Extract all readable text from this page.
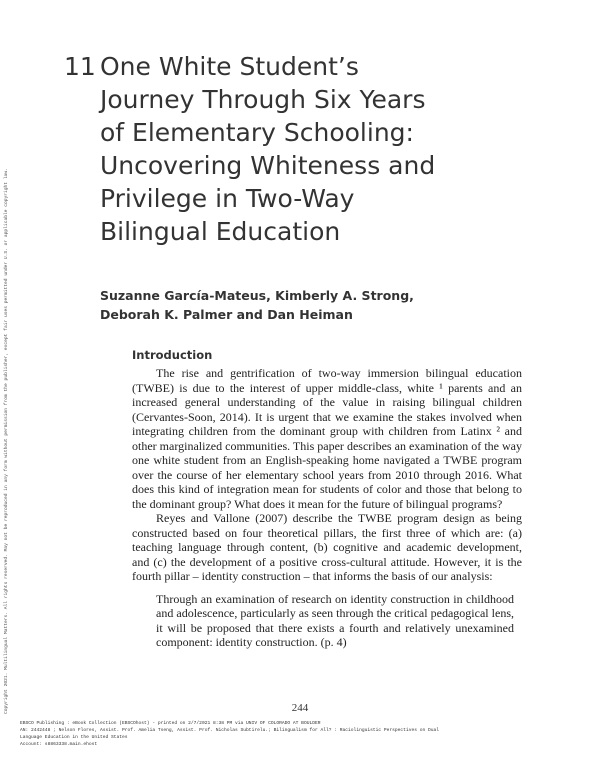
11 One White Student’s
Journey Through Six Years
of Elementary Schooling:
Uncovering Whiteness and
Privilege in Two-Way
Bilingual Education
Suzanne García-Mateus, Kimberly A. Strong,
Deborah K. Palmer and Dan Heiman
Introduction

The rise and gentrification of two-way immersion bilingual education (TWBE) is due to the interest of upper middle-class, white ¹ parents and an increased general understanding of the value in raising bilingual children (Cervantes-Soon, 2014). It is urgent that we examine the stakes involved when integrating children from the dominant group with children from Latinx ² and other marginalized communities. This paper describes an examination of the way one white student from an English-speaking home navigated a TWBE program over the course of her elementary school years from 2010 through 2016. What does this kind of integration mean for students of color and those that belong to the dominant group? What does it mean for the future of bilingual programs?

Reyes and Vallone (2007) describe the TWBE program design as being constructed based on four theoretical pillars, the first three of which are: (a) teaching language through content, (b) cognitive and academic development, and (c) the development of a positive cross-cultural attitude. However, it is the fourth pillar – identity construction – that informs the basis of our analysis:

Through an examination of research on identity construction in childhood and adolescence, particularly as seen through the critical pedagogical lens, it will be proposed that there exists a fourth and relatively unexamined component: identity construction. (p. 4)

244
EBSCO Publishing : eBook Collection (EBSCOhost) - printed on 2/7/2021 8:38 PM via UNIV OF COLORADO AT BOULDER
AN: 2442448 ; Nelson Flores, Assist. Prof. Amelia Tseng, Assist. Prof. Nicholas Subtirelu.; Bilingualism for All? : Raciolinguistic Perspectives on Dual
Language Education in the United States
Account: s8863338.main.ehost
Copyright 2021. Multilingual Matters. All rights reserved. May not be reproduced in any form without permission from the publisher, except fair uses permitted under U.S. or applicable copyright law.
